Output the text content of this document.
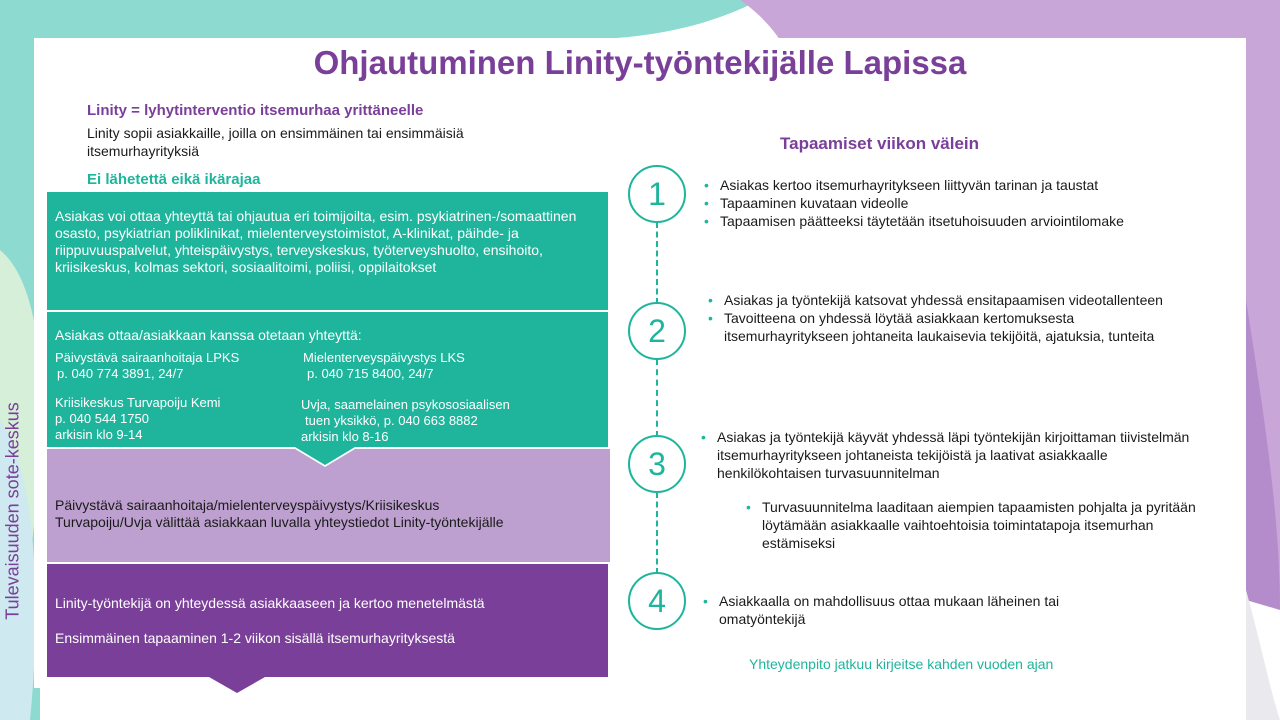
Tulevaisuuden sote-keskus
Ohjautuminen Linity-työntekijälle Lapissa
Linity = lyhytinterventio itsemurhaa yrittäneelle
Linity sopii asiakkaille, joilla on ensimmäinen tai ensimmäisiä itsemurhayrityksiä
Ei lähetettä eikä ikärajaa
Asiakas voi ottaa yhteyttä tai ohjautua eri toimijoilta, esim. psykiatrinen-/somaattinen osasto, psykiatrian poliklinikat, mielenterveystoimistot, A-klinikat, päihde- ja riippuvuuspalvelut, yhteispäivystys, terveyskeskus, työterveyshuolto, ensihoito, kriisikeskus, kolmas sektori, sosiaalitoimi, poliisi, oppilaitokset
Asiakas ottaa/asiakkaan kanssa otetaan yhteyttä:
Päivystävä sairaanhoitaja LPKS
p. 040 774 3891, 24/7
Mielenterveyspäivystys LKS
p. 040 715 8400, 24/7
Kriisikeskus Turvapoiju Kemi
p. 040 544 1750
arkisin klo 9-14
Uvja, saamelainen psykososiaalisen
tuen yksikkö, p. 040 663 8882
arkisin klo 8-16
Päivystävä sairaanhoitaja/mielenterveyspäivystys/Kriisikeskus
Turvapoiju/Uvja välittää asiakkaan luvalla yhteystiedot Linity-työntekijälle
Linity-työntekijä on yhteydessä asiakkaaseen ja kertoo menetelmästä
Ensimmäinen tapaaminen 1-2 viikon sisällä itsemurhayrityksestä
Tapaamiset viikon välein
1
2
3
4
• Asiakas kertoo itsemurhayritykseen liittyvän tarinan ja taustat
• Tapaaminen kuvataan videolle
• Tapaamisen päätteeksi täytetään itsetuhoisuuden arviointilomake
• Asiakas ja työntekijä katsovat yhdessä ensitapaamisen videotallenteen
• Tavoitteena on yhdessä löytää asiakkaan kertomuksesta itsemurhayritykseen johtaneita laukaisevia tekijöitä, ajatuksia, tunteita
• Asiakas ja työntekijä käyvät yhdessä läpi työntekijän kirjoittaman tiivistelmän itsemurhayritykseen johtaneista tekijöistä ja laativat asiakkaalle henkilökohtaisen turvasuunnitelman
• Turvasuunnitelma laaditaan aiempien tapaamisten pohjalta ja pyritään löytämään asiakkaalle vaihtoehtoisia toimintatapoja itsemurhan estämiseksi
• Asiakkaalla on mahdollisuus ottaa mukaan läheinen tai omatyöntekijä
Yhteydenpito jatkuu kirjeitse kahden vuoden ajan
